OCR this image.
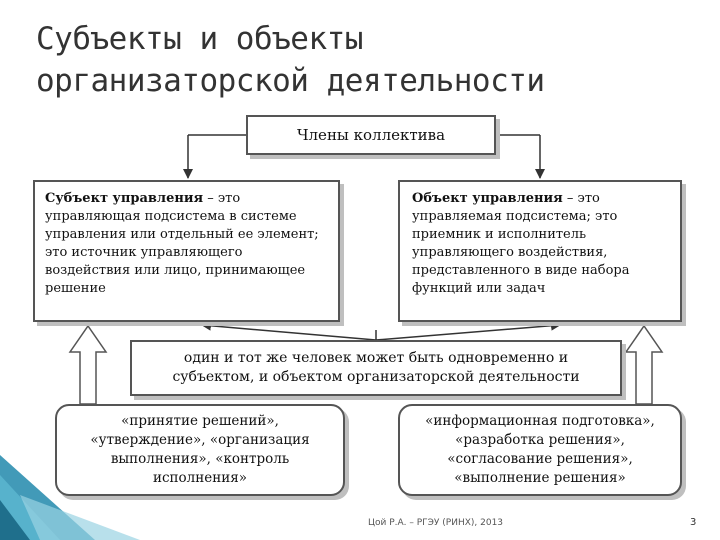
Субъекты и объекты
организаторской деятельности
Члены коллектива
Субъект управления – это управляющая подсистема в системе управления или отдельный ее элемент; это источник управляющего воздействия или лицо, принимающее решение
Объект управления – это управляемая подсистема; это приемник и исполнитель управляющего воздействия, представленного в виде набора функций или задач
один и тот же человек может быть одновременно и субъектом, и объектом организаторской деятельности
«принятие решений», «утверждение», «организация выполнения», «контроль исполнения»
«информационная подготовка», «разработка решения», «согласование решения», «выполнение решения»
Цой Р.А. – РГЭУ (РИНХ), 2013	3
